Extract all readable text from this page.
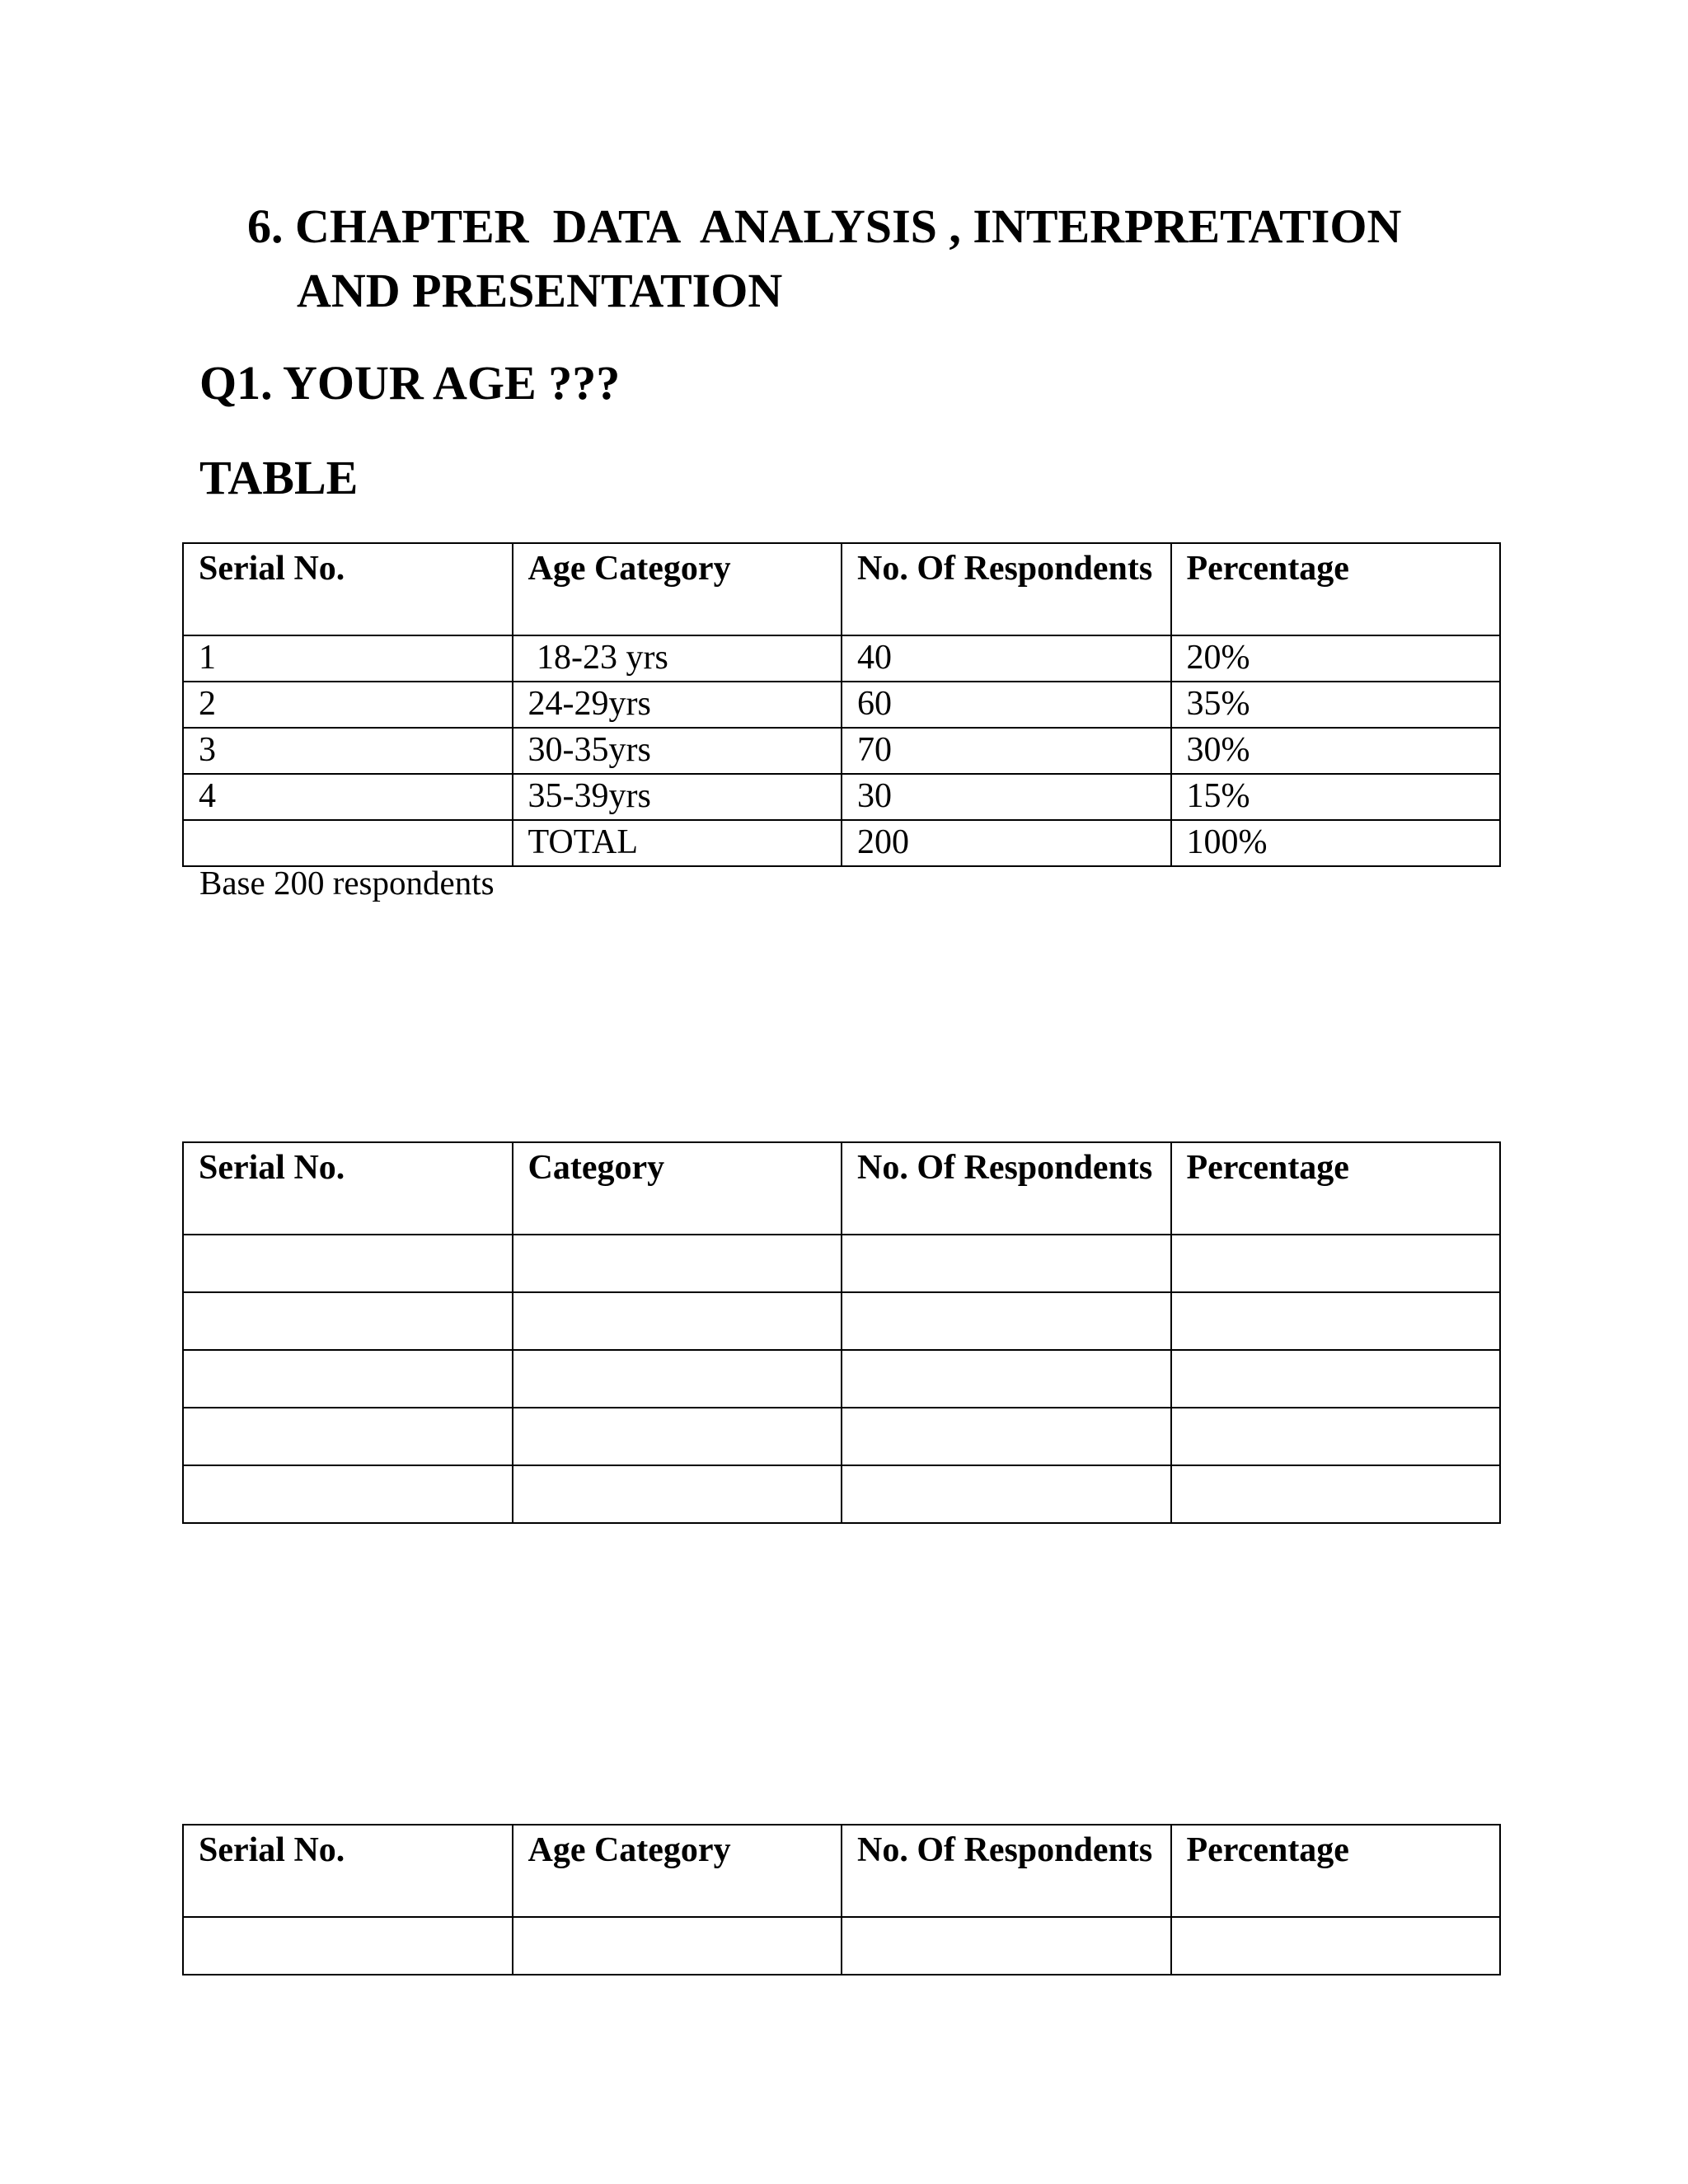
6. CHAPTER  DATA  ANALYSIS , INTERPRETATION
AND PRESENTATION
Q1. YOUR AGE ???
TABLE
Serial No.	Age Category	No. Of Respondents	Percentage
1	18-23 yrs	40	20%
2	24-29yrs	60	35%
3	30-35yrs	70	30%
4	35-39yrs	30	15%
	TOTAL	200	100%
Base 200 respondents
Serial No.	Category	No. Of Respondents	Percentage

Serial No.	Age Category	No. Of Respondents	Percentage
